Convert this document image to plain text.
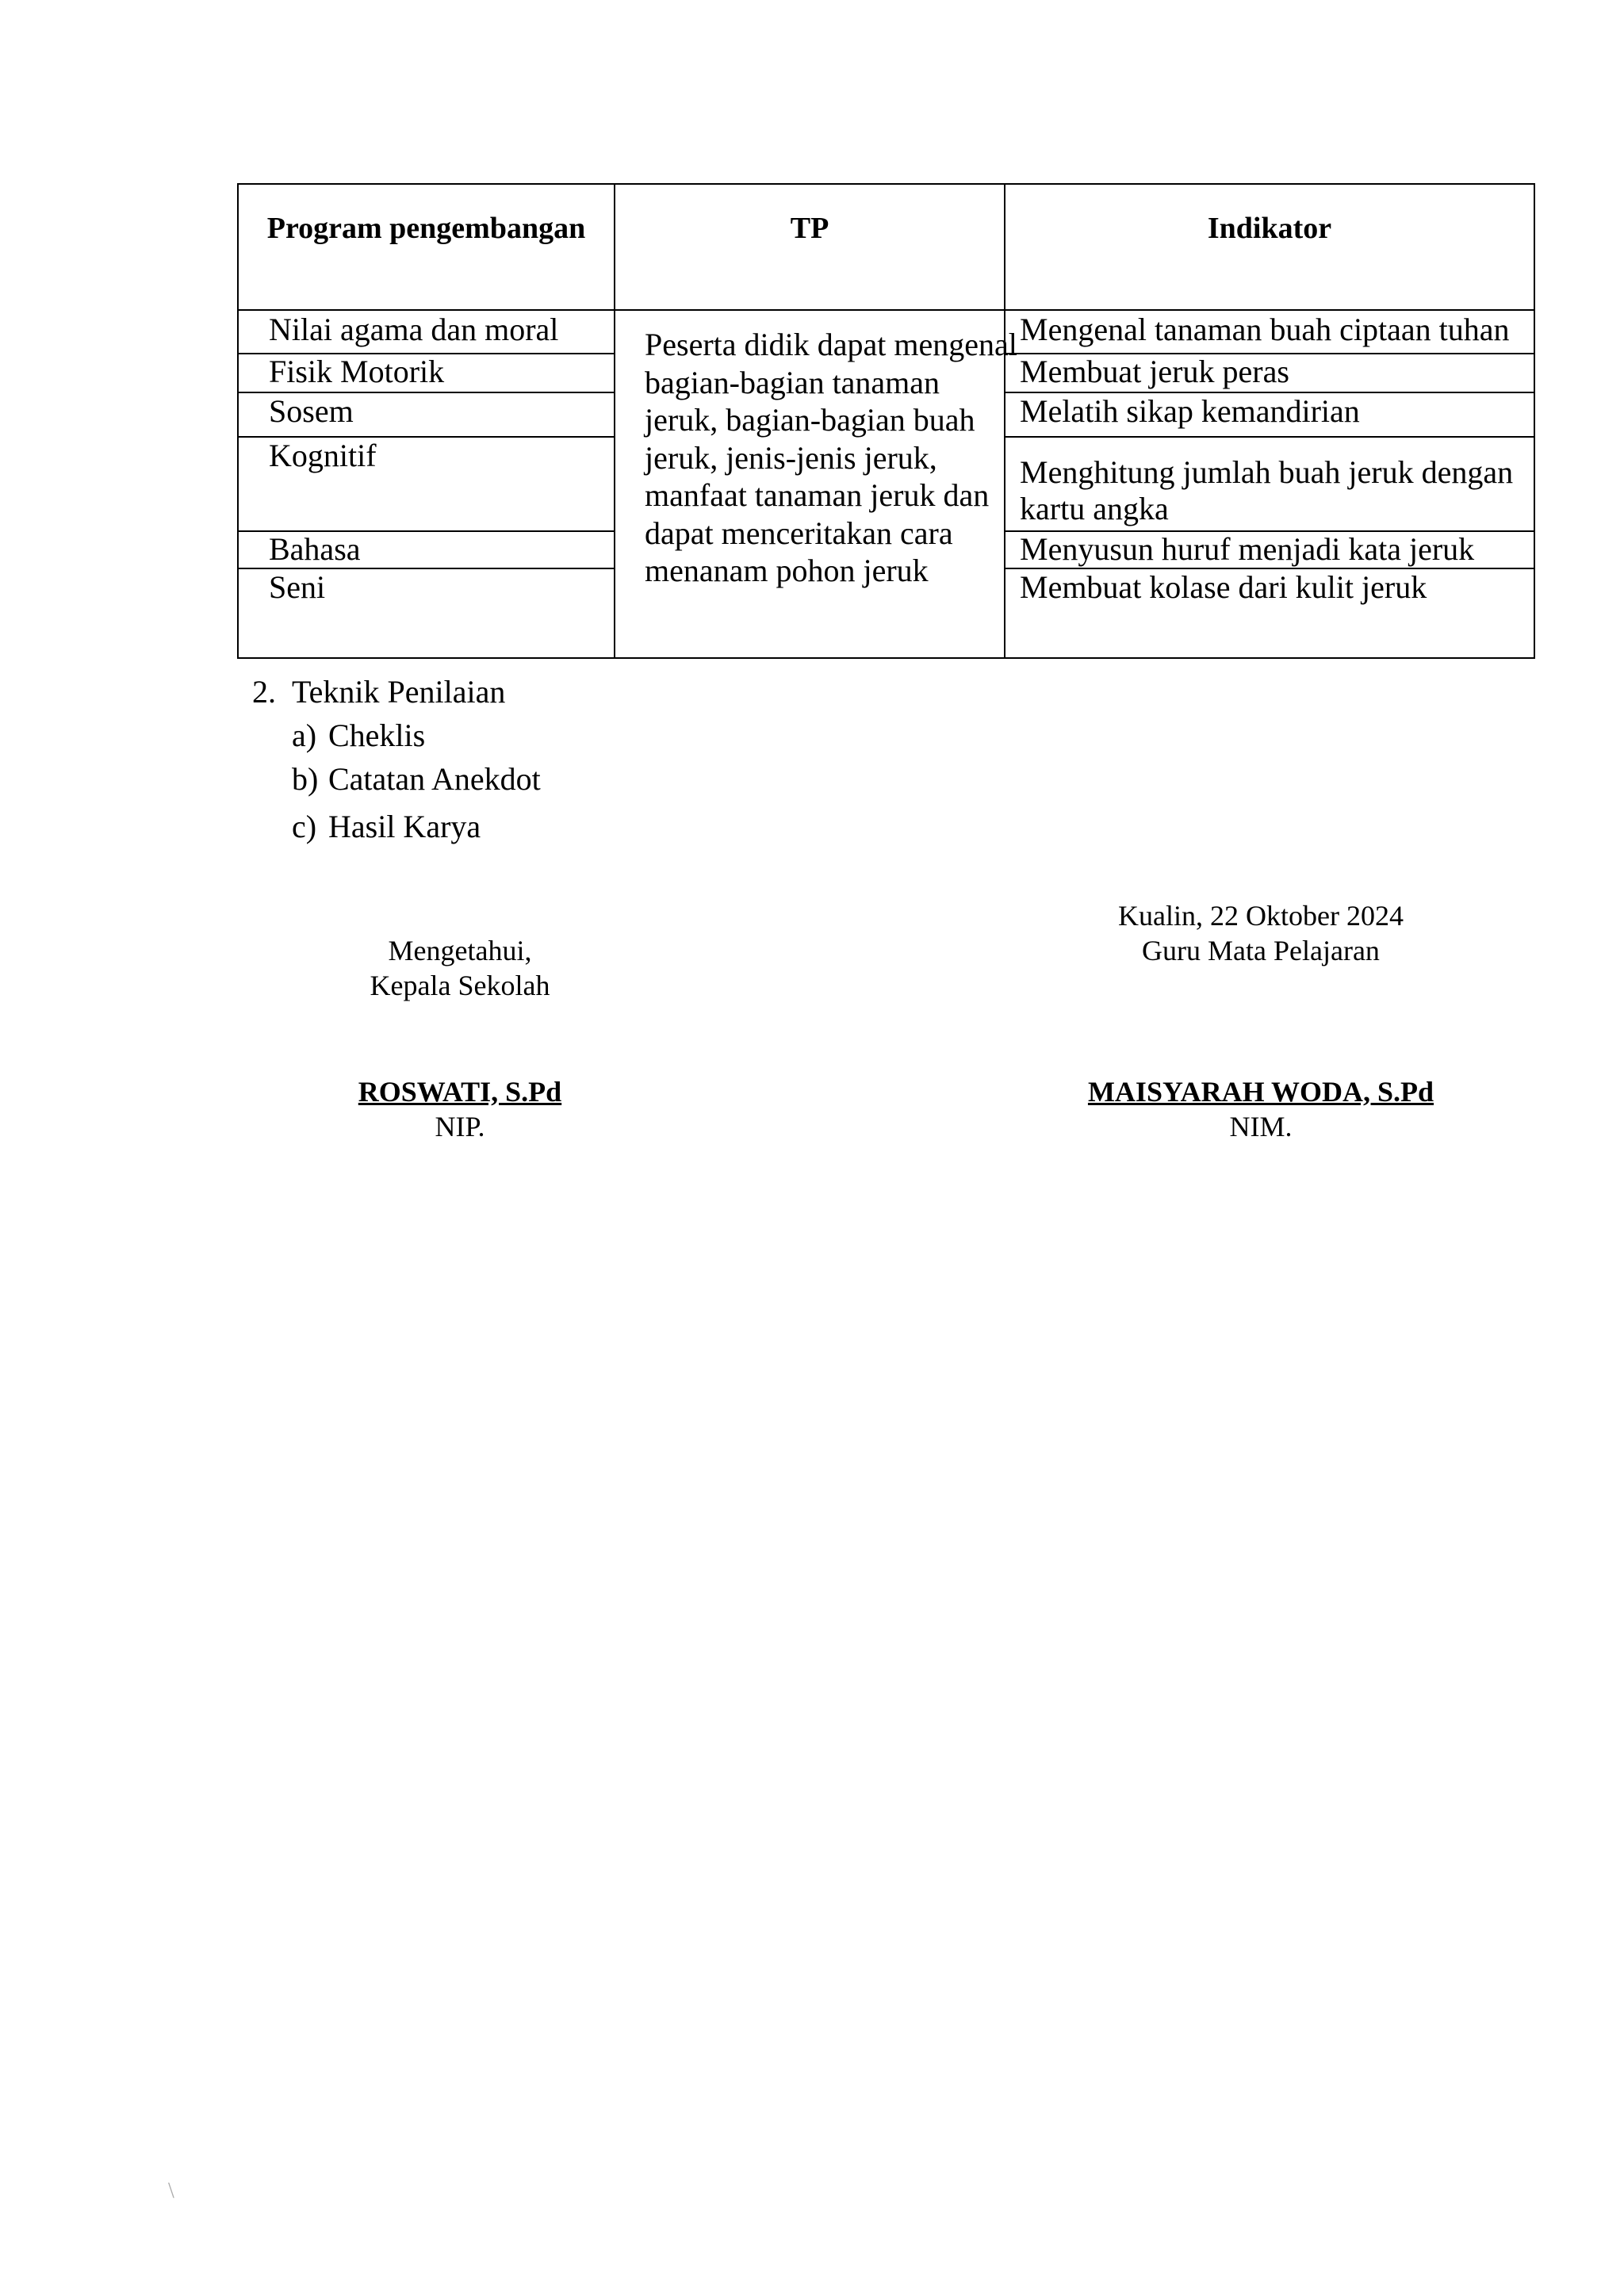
Program pengembangan	TP	Indikator
Nilai agama dan moral
Fisik Motorik
Sosem
Kognitif
Bahasa
Seni
Peserta didik dapat mengenal bagian-bagian tanaman jeruk, bagian-bagian buah jeruk, jenis-jenis jeruk, manfaat tanaman jeruk dan dapat menceritakan cara menanam pohon jeruk
Mengenal tanaman buah ciptaan tuhan
Membuat jeruk peras
Melatih sikap kemandirian
Menghitung jumlah buah jeruk dengan kartu angka
Menyusun huruf menjadi kata jeruk
Membuat kolase dari kulit jeruk
2. Teknik Penilaian
a) Cheklis
b) Catatan Anekdot
c) Hasil Karya
Mengetahui,
Kepala Sekolah
ROSWATI, S.Pd
NIP.
Kualin, 22 Oktober 2024
Guru Mata Pelajaran
MAISYARAH WODA, S.Pd
NIM.
\
